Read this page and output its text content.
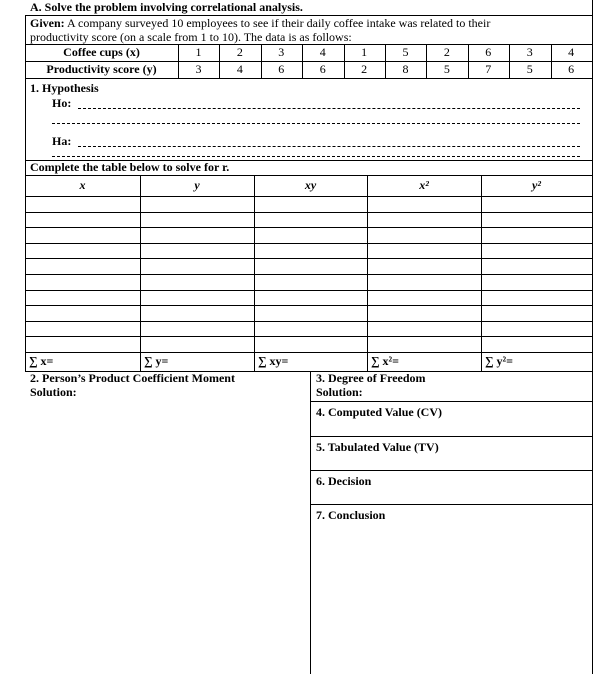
A. Solve the problem involving correlational analysis.
Given: A company surveyed 10 employees to see if their daily coffee intake was related to their productivity score (on a scale from 1 to 10). The data is as follows:
Coffee cups (x)
Productivity score (y)
1
3
2
4
3
6
4
6
1
2
5
8
2
5
6
7
3
5
4
6
1. Hypothesis
Ho:
Ha:
Complete the table below to solve for r.
x
∑ x=
y
∑ y=
xy
∑ xy=
x²
∑ x²=
y²
∑ y²=
2. Person’s Product Coefficient Moment
Solution:
3. Degree of Freedom
Solution:
4. Computed Value (CV)
5. Tabulated Value (TV)
6. Decision
7. Conclusion
